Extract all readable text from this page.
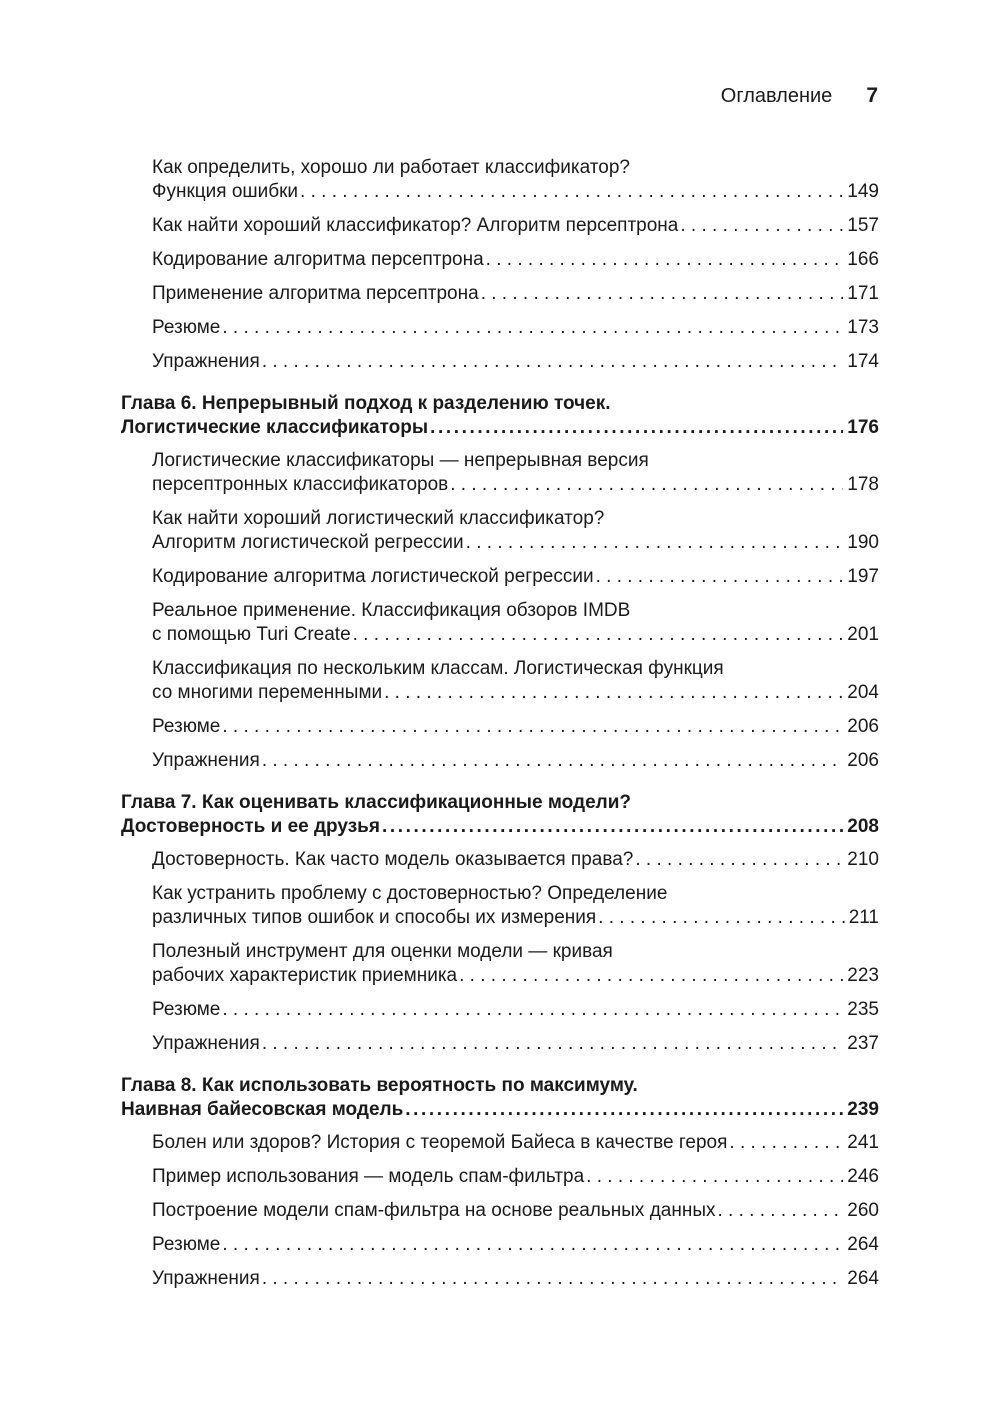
Оглавление 7
Как определить, хорошо ли работает классификатор?
Функция ошибки . . .	149
Как найти хороший классификатор? Алгоритм персептрона . . .	157
Кодирование алгоритма персептрона . . .	166
Применение алгоритма персептрона . . .	171
Резюме . . .	173
Упражнения . . .	174
Глава 6. Непрерывный подход к разделению точек.
Логистические классификаторы .....	176
Логистические классификаторы — непрерывная версия
персептронных классификаторов . . .	178
Как найти хороший логистический классификатор?
Алгоритм логистической регрессии . . .	190
Кодирование алгоритма логистической регрессии . . .	197
Реальное применение. Классификация обзоров IMDB
с помощью Turi Create . . .	201
Классификация по нескольким классам. Логистическая функция
со многими переменными . . .	204
Резюме . . .	206
Упражнения . . .	206
Глава 7. Как оценивать классификационные модели?
Достоверность и ее друзья .....	208
Достоверность. Как часто модель оказывается права? . . .	210
Как устранить проблему с достоверностью? Определение
различных типов ошибок и способы их измерения . . .	211
Полезный инструмент для оценки модели — кривая
рабочих характеристик приемника . . .	223
Резюме . . .	235
Упражнения . . .	237
Глава 8. Как использовать вероятность по максимуму.
Наивная байесовская модель .....	239
Болен или здоров? История с теоремой Байеса в качестве героя . . .	241
Пример использования — модель спам-фильтра . . .	246
Построение модели спам-фильтра на основе реальных данных . . .	260
Резюме . . .	264
Упражнения . . .	264
